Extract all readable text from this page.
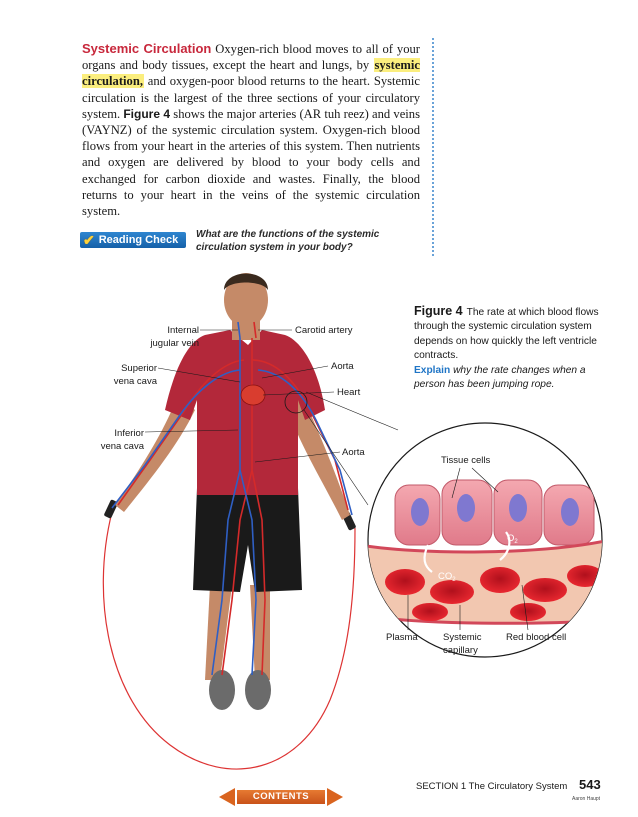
Systemic Circulation Oxygen-rich blood moves to all of your organs and body tissues, except the heart and lungs, by systemic circulation, and oxygen-poor blood returns to the heart. Systemic circulation is the largest of the three sections of your circulatory system. Figure 4 shows the major arteries (AR tuh reez) and veins (VAYNZ) of the systemic circulation system. Oxygen-rich blood flows from your heart in the arteries of this system. Then nutrients and oxygen are delivered by blood to your body cells and exchanged for carbon dioxide and wastes. Finally, the blood returns to your heart in the veins of the systemic circulation system.
✔ Reading Check What are the functions of the systemic circulation system in your body?
Figure 4 The rate at which blood flows through the systemic circulation system depends on how quickly the left ventricle contracts.
Explain why the rate changes when a person has been jumping rope.
Internal
jugular vein
Carotid artery
Superior
vena cava
Aorta
Heart
Inferior
vena cava
Aorta
Tissue cells
$O_2$
$CO_2$
Plasma	Systemic
capillary
Red blood cell
CONTENTS
SECTION 1 The Circulatory System 543
Aaron Haupt
